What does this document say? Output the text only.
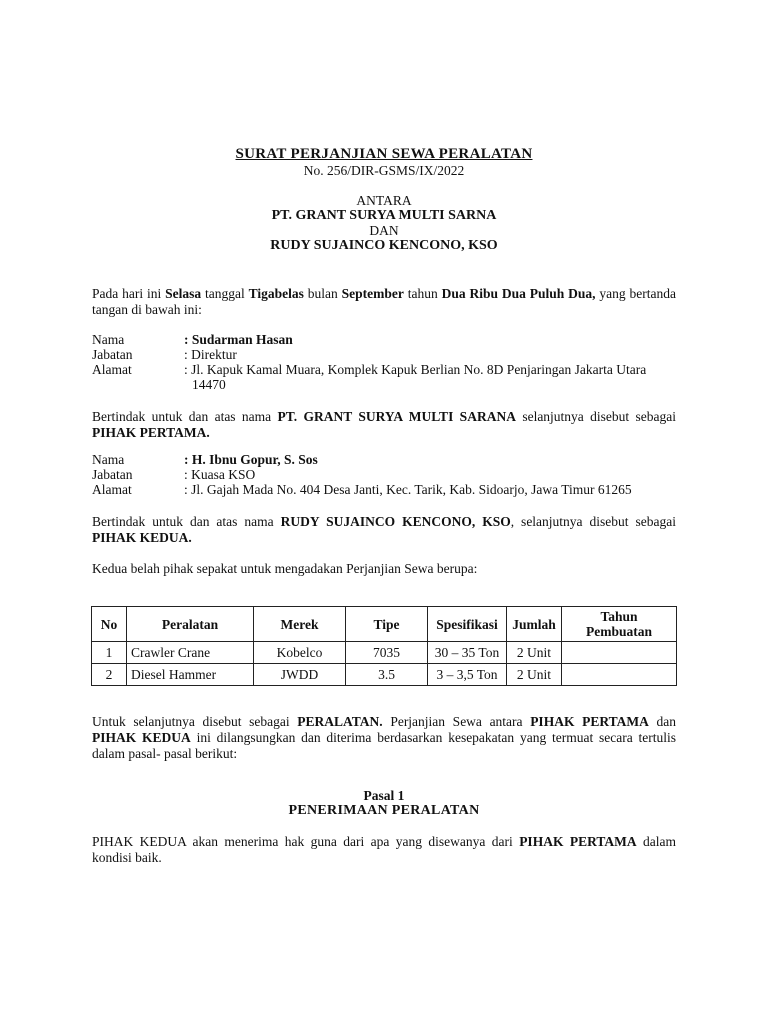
SURAT PERJANJIAN SEWA PERALATAN
No. 256/DIR-GSMS/IX/2022
ANTARA
PT. GRANT SURYA MULTI SARNA
DAN
RUDY SUJAINCO KENCONO, KSO
Pada hari ini Selasa tanggal Tigabelas bulan September tahun Dua Ribu Dua Puluh Dua, yang bertanda tangan di bawah ini:
Nama	: Sudarman Hasan
Jabatan	: Direktur
Alamat	: Jl. Kapuk Kamal Muara, Komplek Kapuk Berlian No. 8D Penjaringan Jakarta Utara
14470
Bertindak untuk dan atas nama PT. GRANT SURYA MULTI SARANA selanjutnya disebut sebagai PIHAK PERTAMA.
Nama	: H. Ibnu Gopur, S. Sos
Jabatan	: Kuasa KSO
Alamat	: Jl. Gajah Mada No. 404 Desa Janti, Kec. Tarik, Kab. Sidoarjo, Jawa Timur 61265
Bertindak untuk dan atas nama RUDY SUJAINCO KENCONO, KSO, selanjutnya disebut sebagai PIHAK KEDUA.
Kedua belah pihak sepakat untuk mengadakan Perjanjian Sewa berupa:
No	Peralatan	Merek	Tipe	Spesifikasi	Jumlah	Tahun Pembuatan
1	Crawler Crane	Kobelco	7035	30 – 35 Ton	2 Unit	
2	Diesel Hammer	JWDD	3.5	3 – 3,5 Ton	2 Unit	
Untuk selanjutnya disebut sebagai PERALATAN. Perjanjian Sewa antara PIHAK PERTAMA dan PIHAK KEDUA ini dilangsungkan dan diterima berdasarkan kesepakatan yang termuat secara tertulis dalam pasal- pasal berikut:
Pasal 1
PENERIMAAN PERALATAN
PIHAK KEDUA akan menerima hak guna dari apa yang disewanya dari PIHAK PERTAMA dalam kondisi baik.
